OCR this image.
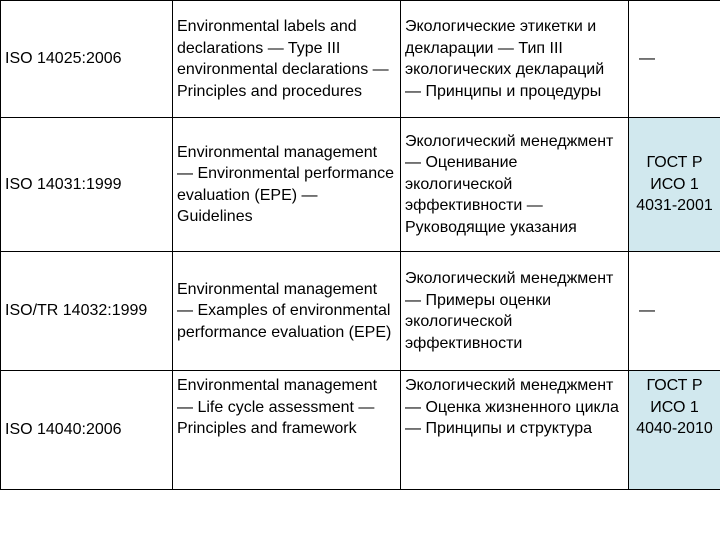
ISO 14025:2006	Environmental labels and declarations — Type III environmental declarations — Principles and procedures	Экологические этикетки и декларации — Тип III экологических деклараций — Принципы и процедуры	—
ISO 14031:1999	Environmental management — Environmental performance evaluation (EPE) — Guidelines	Экологический менеджмент — Оценивание экологической эффективности — Руководящие указания	ГОСТ Р ИСО 1 4031-2001
ISO/TR 14032:1999	Environmental management — Examples of environmental performance evaluation (EPE)	Экологический менеджмент — Примеры оценки экологической эффективности	—
ISO 14040:2006	Environmental management — Life cycle assessment — Principles and framework	Экологический менеджмент — Оценка жизненного цикла — Принципы и структура	ГОСТ Р ИСО 1 4040-2010
